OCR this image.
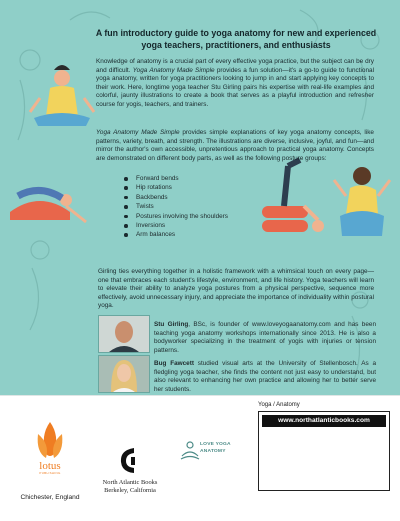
A fun introductory guide to yoga anatomy for new and experienced yoga teachers, practitioners, and enthusiasts

Knowledge of anatomy is a crucial part of every effective yoga practice, but the subject can be dry and difficult. Yoga Anatomy Made Simple provides a fun solution—it's a go-to guide to functional yoga anatomy, written for yoga practitioners looking to jump in and start applying key concepts to their work. Here, longtime yoga teacher Stu Girling pairs his expertise with real-life examples and colorful, jaunty illustrations to create a book that serves as a playful introduction and refresher course for yogis, teachers, and trainers.

Yoga Anatomy Made Simple provides simple explanations of key yoga anatomy concepts, like patterns, variety, breath, and strength. The illustrations are diverse, inclusive, joyful, and fun—and mirror the author's own accessible, unpretentious approach to practical yoga anatomy. Concepts are demonstrated on different body parts, as well as the following posture groups:

Forward bends
Hip rotations
Backbends
Twists
Postures involving the shoulders
Inversions
Arm balances

Girling ties everything together in a holistic framework with a whimsical touch on every page—one that embraces each student's lifestyle, environment, and life history. Yoga teachers will learn to elevate their ability to analyze yoga postures from a physical perspective, sequence more effectively, avoid unnecessary injury, and appreciate the importance of individuality within postural yoga.

Stu Girling, BSc, is founder of www.loveyogaanatomy.com and has been teaching yoga anatomy workshops internationally since 2013. He is also a bodyworker specializing in the treatment of yogis with injuries or tension patterns.
Bug Fawcett studied visual arts at the University of Stellenbosch. As a fledgling yoga teacher, she finds the content not just easy to understand, but also relevant to enhancing her own practice and allowing her to better serve her students.
lotus
PUBLISHING
Chichester, England
North Atlantic Books
Berkeley, California
LOVE YOGA
ANATOMY
Yoga / Anatomy
www.northatlanticbooks.com
